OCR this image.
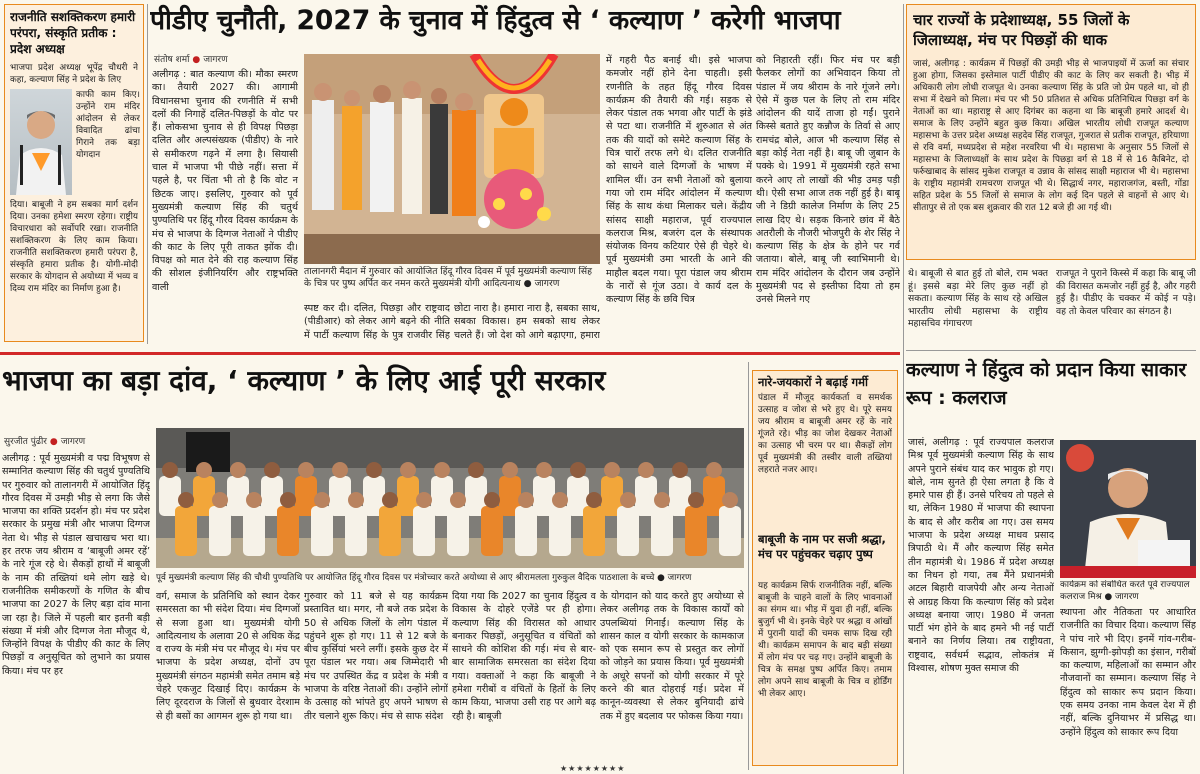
राजनीति सशक्तिकरण हमारी परंपरा, संस्कृति प्रतीक : प्रदेश अध्यक्ष
भाजपा प्रदेश अध्यक्ष भूपेंद्र चौधरी ने कहा, कल्याण सिंह ने प्रदेश के लिए
काफी काम किए। उन्होंने राम मंदिर आंदोलन से लेकर विवादित ढांचा गिराने तक बड़ा योगदान
दिया। बाबूजी ने हम सबका मार्ग दर्शन दिया। उनका हमेशा स्मरण रहेगा। राष्ट्रीय विचारधारा को सर्वोपरि रखा। राजनीति सशक्तिकरण के लिए काम किया। राजनीति सशक्तिकरण हमारी परंपरा है, संस्कृति हमारा प्रतीक है। योगी-मोदी सरकार के योगदान से अयोध्या में भव्य व दिव्य राम मंदिर का निर्माण हुआ है।
पीडीए चुनौती, 2027 के चुनाव में हिंदुत्व से ‘ कल्याण ’ करेगी भाजपा
संतोष शर्मा ● जागरण
अलीगढ़ : बात कल्याण की। मौका स्मरण का। तैयारी 2027 की। आगामी विधानसभा चुनाव की रणनीति में सभी दलों की निगाहें दलित-पिछड़ों के वोट पर हैं। लोकसभा चुनाव से ही विपक्ष पिछड़ा दलित और अल्पसंख्यक (पीडीए) के नारे से समीकरण गढ़ने में लगा है। सियासी चाल में भाजपा भी पीछे नहीं। सत्ता में पहले है, पर चिंता भी तो है कि वोट न छिटक जाए। इसलिए, गुरुवार को पूर्व मुख्यमंत्री कल्याण सिंह की चतुर्थ पुण्यतिथि पर हिंदू गौरव दिवस कार्यक्रम के मंच से भाजपा के दिग्गज नेताओं ने पीडीए की काट के लिए पूरी ताकत झोंक दी। विपक्ष को मात देने की राह कल्याण सिंह की सोशल इंजीनियरिंग और राष्ट्रभक्ति वाली
तालानगरी मैदान में गुरुवार को आयोजित हिंदू गौरव दिवस में पूर्व मुख्यमंत्री कल्याण सिंह के चित्र पर पुष्प अर्पित कर नमन करते मुख्यमंत्री योगी आदित्यनाथ ● जागरण
स्पष्ट कर दी। दलित, पिछड़ा और राष्ट्रवाद (पीडीआर) को लेकर आगे बढ़ने की नीति में पार्टी कल्याण सिंह के पुत्र राजवीर सिंह
छोटा नारा है। हमारा नारा है, सबका साथ, सबका विकास। हम सबको साथ लेकर चलते हैं। जो देश को आगे बढ़ाएगा, हमारा
में गहरी पैठ बनाई थी। इसे भाजपा कमजोर नहीं होने देना चाहती। इसी रणनीति के तहत हिंदू गौरव दिवस कार्यक्रम की तैयारी की गई। सड़क से लेकर पंडाल तक भगवा और पार्टी के झंडे से पटा था। राजनीति में शुरुआत से अंत तक की यादों को समेटे कल्याण सिंह के चित्र चारों तरफ लगे थे। दलित राजनीति को साधने वाले दिग्गजों के भाषण में शामिल थीं। उन सभी नेताओं को बुलाया गया जो राम मंदिर आंदोलन में कल्याण सिंह के साथ कंधा मिलाकर चले। केंद्रीय सांसद साक्षी महाराज, पूर्व राज्यपाल कलराज मिश्र, बजरंग दल के संस्थापक संयोजक विनय कटियार ऐसे ही चेहरे थे। पूर्व मुख्यमंत्री उमा भारती के आने की माहौल बदल गया। पूरा पंडाल जय श्रीराम के नारों से गूंज उठा। वे कार्य दल के कल्याण सिंह के छवि चित्र
को निहारती रहीं। फिर मंच पर बड़ी फैलकर लोगों का अभिवादन किया तो पंडाल में जय श्रीराम के नारे गूंजने लगे। ऐसे में कुछ पल के लिए तो राम मंदिर आंदोलन की यादें ताजा हो गईं। पुराने किस्से बताते हुए कन्नौज के तिर्वा से आए रामचंद्र बोले, आज भी कल्याण सिंह से बड़ा कोई नेता नहीं है। बाबू जी जुबान के पक्के थे। 1991 में मुख्यमंत्री रहते सभा करने आए तो लाखों की भीड़ उमड़ पड़ी थी। ऐसी सभा आज तक नहीं हुई है। बाबू जी ने डिग्री कालेज निर्माण के लिए 25 लाख दिए थे। सड़क किनारे छांव में बैठे अतरौली के नौजरी भोजपुरी के शेर सिंह ने कल्याण सिंह के क्षेत्र के होने पर गर्व जताया। बोले, बाबू जी स्वाभिमानी थे। राम मंदिर आंदोलन के दौरान जब उन्होंने मुख्यमंत्री पद से इस्तीफा दिया तो हम उनसे मिलने गए
चार राज्यों के प्रदेशाध्यक्ष, 55 जिलों के जिलाध्यक्ष, मंच पर पिछड़ों की धाक
जासं, अलीगढ़ : कार्यक्रम में पिछड़ों की उमड़ी भीड़ से भाजपाइयों में ऊर्जा का संचार हुआ होगा, जिसका इस्तेमाल पार्टी पीडीए की काट के लिए कर सकती है। भीड़ में अधिकारी लोग लोधी राजपूत थे। उनका कल्याण सिंह के प्रति जो प्रेम पहले था, वो ही सभा में देखने को मिला। मंच पर भी 50 प्रतिशत से अधिक प्रतिनिधित्व पिछड़ा वर्ग के नेताओं का था। महाराष्ट्र से आए दिगंबर का कहना था कि बाबूजी हमारे आदर्श थे। समाज के लिए उन्होंने बहुत कुछ किया। अखिल भारतीय लोधी राजपूत कल्याण महासभा के उत्तर प्रदेश अध्यक्ष सहदेव सिंह राजपूत, गुजरात से प्रतीक राजपूत, हरियाणा से रवि वर्मा, मध्यप्रदेश से महेश नरवरिया भी थे। महासभा के अनुसार 55 जिलों से महासभा के जिलाध्यक्षों के साथ प्रदेश के पिछड़ा वर्ग से 18 में से 16 कैबिनेट, दो फर्रुखाबाद के सांसद मुकेश राजपूत व उन्नाव के सांसद साक्षी महाराज भी थे। महासभा के राष्ट्रीय महामंत्री रामचरण राजपूत भी थे। सिद्धार्थ नगर, महाराजगंज, बस्ती, गोंडा सहित प्रदेश के 55 जिलों से समाज के लोग कई दिन पहले से वाहनों से आए थे। सीतापुर से तो एक बस शुक्रवार की रात 12 बजे ही आ गई थी।
थे। बाबूजी से बात हुई तो बोले, राम भक्त हूं। इससे बड़ा मेरे लिए कुछ नहीं हो सकता। कल्याण सिंह के साथ रहे अखिल भारतीय लोधी महासभा के राष्ट्रीय महासचिव गंगाचरण
राजपूत ने पुराने किस्से में कहा कि बाबू जी की विरासत कमजोर नहीं हुई है, और गहरी हुई है। पीडीए के चक्कर में कोई न पड़े। वह तो केवल परिवार का संगठन है।
भाजपा का बड़ा दांव, ‘ कल्याण ’ के लिए आई पूरी सरकार
सुरजीत पुंढीर ● जागरण
अलीगढ़ : पूर्व मुख्यमंत्री व पद्म विभूषण से सम्मानित कल्याण सिंह की चतुर्थ पुण्यतिथि पर गुरुवार को तालानगरी में आयोजित हिंदू गौरव दिवस में उमड़ी भीड़ से लगा कि जैसे भाजपा का शक्ति प्रदर्शन हो। मंच पर प्रदेश सरकार के प्रमुख मंत्री और भाजपा दिग्गज नेता थे। भीड़ से पंडाल खचाखच भरा था। हर तरफ जय श्रीराम व ‘बाबूजी अमर रहें’ के नारे गूंज रहे थे। सैकड़ों हाथों में बाबूजी के नाम की तख्तियां थमे लोग खड़े थे। राजनीतिक समीकरणों के गणित के बीच भाजपा का 2027 के लिए बड़ा दांव माना जा रहा है। जिले में पहली बार इतनी बड़ी संख्या में मंत्री और दिग्गज नेता मौजूद थे, जिन्होंने विपक्ष के पीडीए की काट के लिए पिछड़ों व अनुसूचित को लुभाने का प्रयास किया। मंच पर हर
पूर्व मुख्यमंत्री कल्याण सिंह की चौथी पुण्यतिथि पर आयोजित हिंदू गौरव दिवस पर मंत्रोच्चार करते अयोध्या से आए श्रीरामलला गुरुकुल वैदिक पाठशाला के बच्चे ● जागरण
वर्ग, समाज के प्रतिनिधि को स्थान देकर समरसता का भी संदेश दिया। मंच दिग्गजों से सजा हुआ था। मुख्यमंत्री योगी आदित्यनाथ के अलावा 20 से अधिक केंद्र व राज्य के मंत्री मंच पर मौजूद थे। मंच पर भाजपा के प्रदेश अध्यक्ष, दोनों उप मुख्यमंत्री संगठन महामंत्री समेत तमाम बड़े चेहरे एकजुट दिखाई दिए। कार्यक्रम के लिए दूरदराज के जिलों से बुधवार देरशाम से ही बसों का आगमन शुरू हो गया था।
गुरुवार को 11 बजे से यह कार्यक्रम प्रस्तावित था। मगर, नौ बजे तक प्रदेश के 50 से अधिक जिलों के लोग पंडाल में पहुंचने शुरू हो गए। 11 से 12 बजे के बीच कुर्सियां भरने लगीं। इसके कुछ देर में पूरा पंडाल भर गया। अब जिम्मेदारी भी मंच पर उपस्थित केंद्र व प्रदेश के मंत्री व भाजपा के वरिष्ठ नेताओं की। उन्होंने लोगों के उत्साह को भांपते हुए अपने भाषण से तीर चलाने शुरू किए। मंच से साफ संदेश
दिया गया कि 2027 का चुनाव हिंदुत्व व विकास के दोहरे एजेंडे पर ही होगा। कल्याण सिंह की विरासत को आधार बनाकर पिछड़ों, अनुसूचित व वंचितों को साधने की कोशिश की गई। मंच से बार-बार सामाजिक समरसता का संदेश दिया गया। वक्ताओं ने कहा कि बाबूजी ने हमेशा गरीबों व वंचितों के हितों के लिए काम किया, भाजपा उसी राह पर आगे बढ़ रही है। बाबूजी
के योगदान को याद करते हुए अयोध्या से लेकर अलीगढ़ तक के विकास कार्यों को उपलब्धियां गिनाईं। कल्याण सिंह के शासन काल व योगी सरकार के कामकाज को एक समान रूप से प्रस्तुत कर लोगों को जोड़ने का प्रयास किया। पूर्व मुख्यमंत्री के अधूरे सपनों को योगी सरकार में पूरे करने की बात दोहराई गई। प्रदेश में कानून-व्यवस्था से लेकर बुनियादी ढांचे तक में हुए बदलाव पर फोकस किया गया।
नारे-जयकारों ने बढ़ाई गर्मी
पंडाल में मौजूद कार्यकर्ता व समर्थक उत्साह व जोश से भरे हुए थे। पूरे समय जय श्रीराम व बाबूजी अमर रहें के नारे गूंजते रहे। भीड़ का जोश देखकर नेताओं का उत्साह भी चरम पर था। सैकड़ों लोग पूर्व मुख्यमंत्री की तस्वीर वाली तख्तियां लहराते नजर आए।
बाबूजी के नाम पर सजी श्रद्धा, मंच पर पहुंचकर चढ़ाए पुष्प
यह कार्यक्रम सिर्फ राजनीतिक नहीं, बल्कि बाबूजी के चाहने वालों के लिए भावनाओं का संगम था। भीड़ में युवा ही नहीं, बल्कि बुजुर्ग भी थे। इनके चेहरे पर श्रद्धा व आंखों में पुरानी यादों की चमक साफ दिख रही थी। कार्यक्रम समापन के बाद बड़ी संख्या में लोग मंच पर चढ़ गए। उन्होंने बाबूजी के चित्र के समक्ष पुष्प अर्पित किए। तमाम लोग अपने साथ बाबूजी के चित्र व होर्डिंग भी लेकर आए।
कल्याण ने हिंदुत्व को प्रदान किया साकार रूप : कलराज
जासं, अलीगढ़ : पूर्व राज्यपाल कलराज मिश्र पूर्व मुख्यमंत्री कल्याण सिंह के साथ अपने पुराने संबंध याद कर भावुक हो गए। बोले, नाम सुनते ही ऐसा लगता है कि वे हमारे पास ही हैं। उनसे परिचय तो पहले से था, लेकिन 1980 में भाजपा की स्थापना के बाद से और करीब आ गए। उस समय भाजपा के प्रदेश अध्यक्ष माधव प्रसाद त्रिपाठी थे। मैं और कल्याण सिंह समेत तीन महामंत्री थे। 1986 में प्रदेश अध्यक्ष का निधन हो गया, तब मैंने प्रधानमंत्री अटल बिहारी वाजपेयी और अन्य नेताओं से आग्रह किया कि कल्याण सिंह को प्रदेश अध्यक्ष बनाया जाए। 1980 में जनता पार्टी भंग होने के बाद हमने भी नई पार्टी बनाने का निर्णय लिया। तब राष्ट्रीयता, राष्ट्रवाद, सर्वधर्म सद्भाव, लोकतंत्र में विश्वास, शोषण मुक्त समाज की
कार्यक्रम को संबोधित करते पूर्व राज्यपाल कलराज मिश्र ● जागरण
स्थापना और नैतिकता पर आधारित राजनीति का विचार दिया। कल्याण सिंह ने पांच नारे भी दिए। इनमें गांव-गरीब-किसान, झुग्गी-झोपड़ी का इंसान, गरीबों का कल्याण, महिलाओं का सम्मान और नौजवानों का सम्मान। कल्याण सिंह ने हिंदुत्व को साकार रूप प्रदान किया। एक समय उनका नाम केवल देश में ही नहीं, बल्कि दुनियाभर में प्रसिद्ध था। उन्होंने हिंदुत्व को साकार रूप दिया
★★★★★★★★
